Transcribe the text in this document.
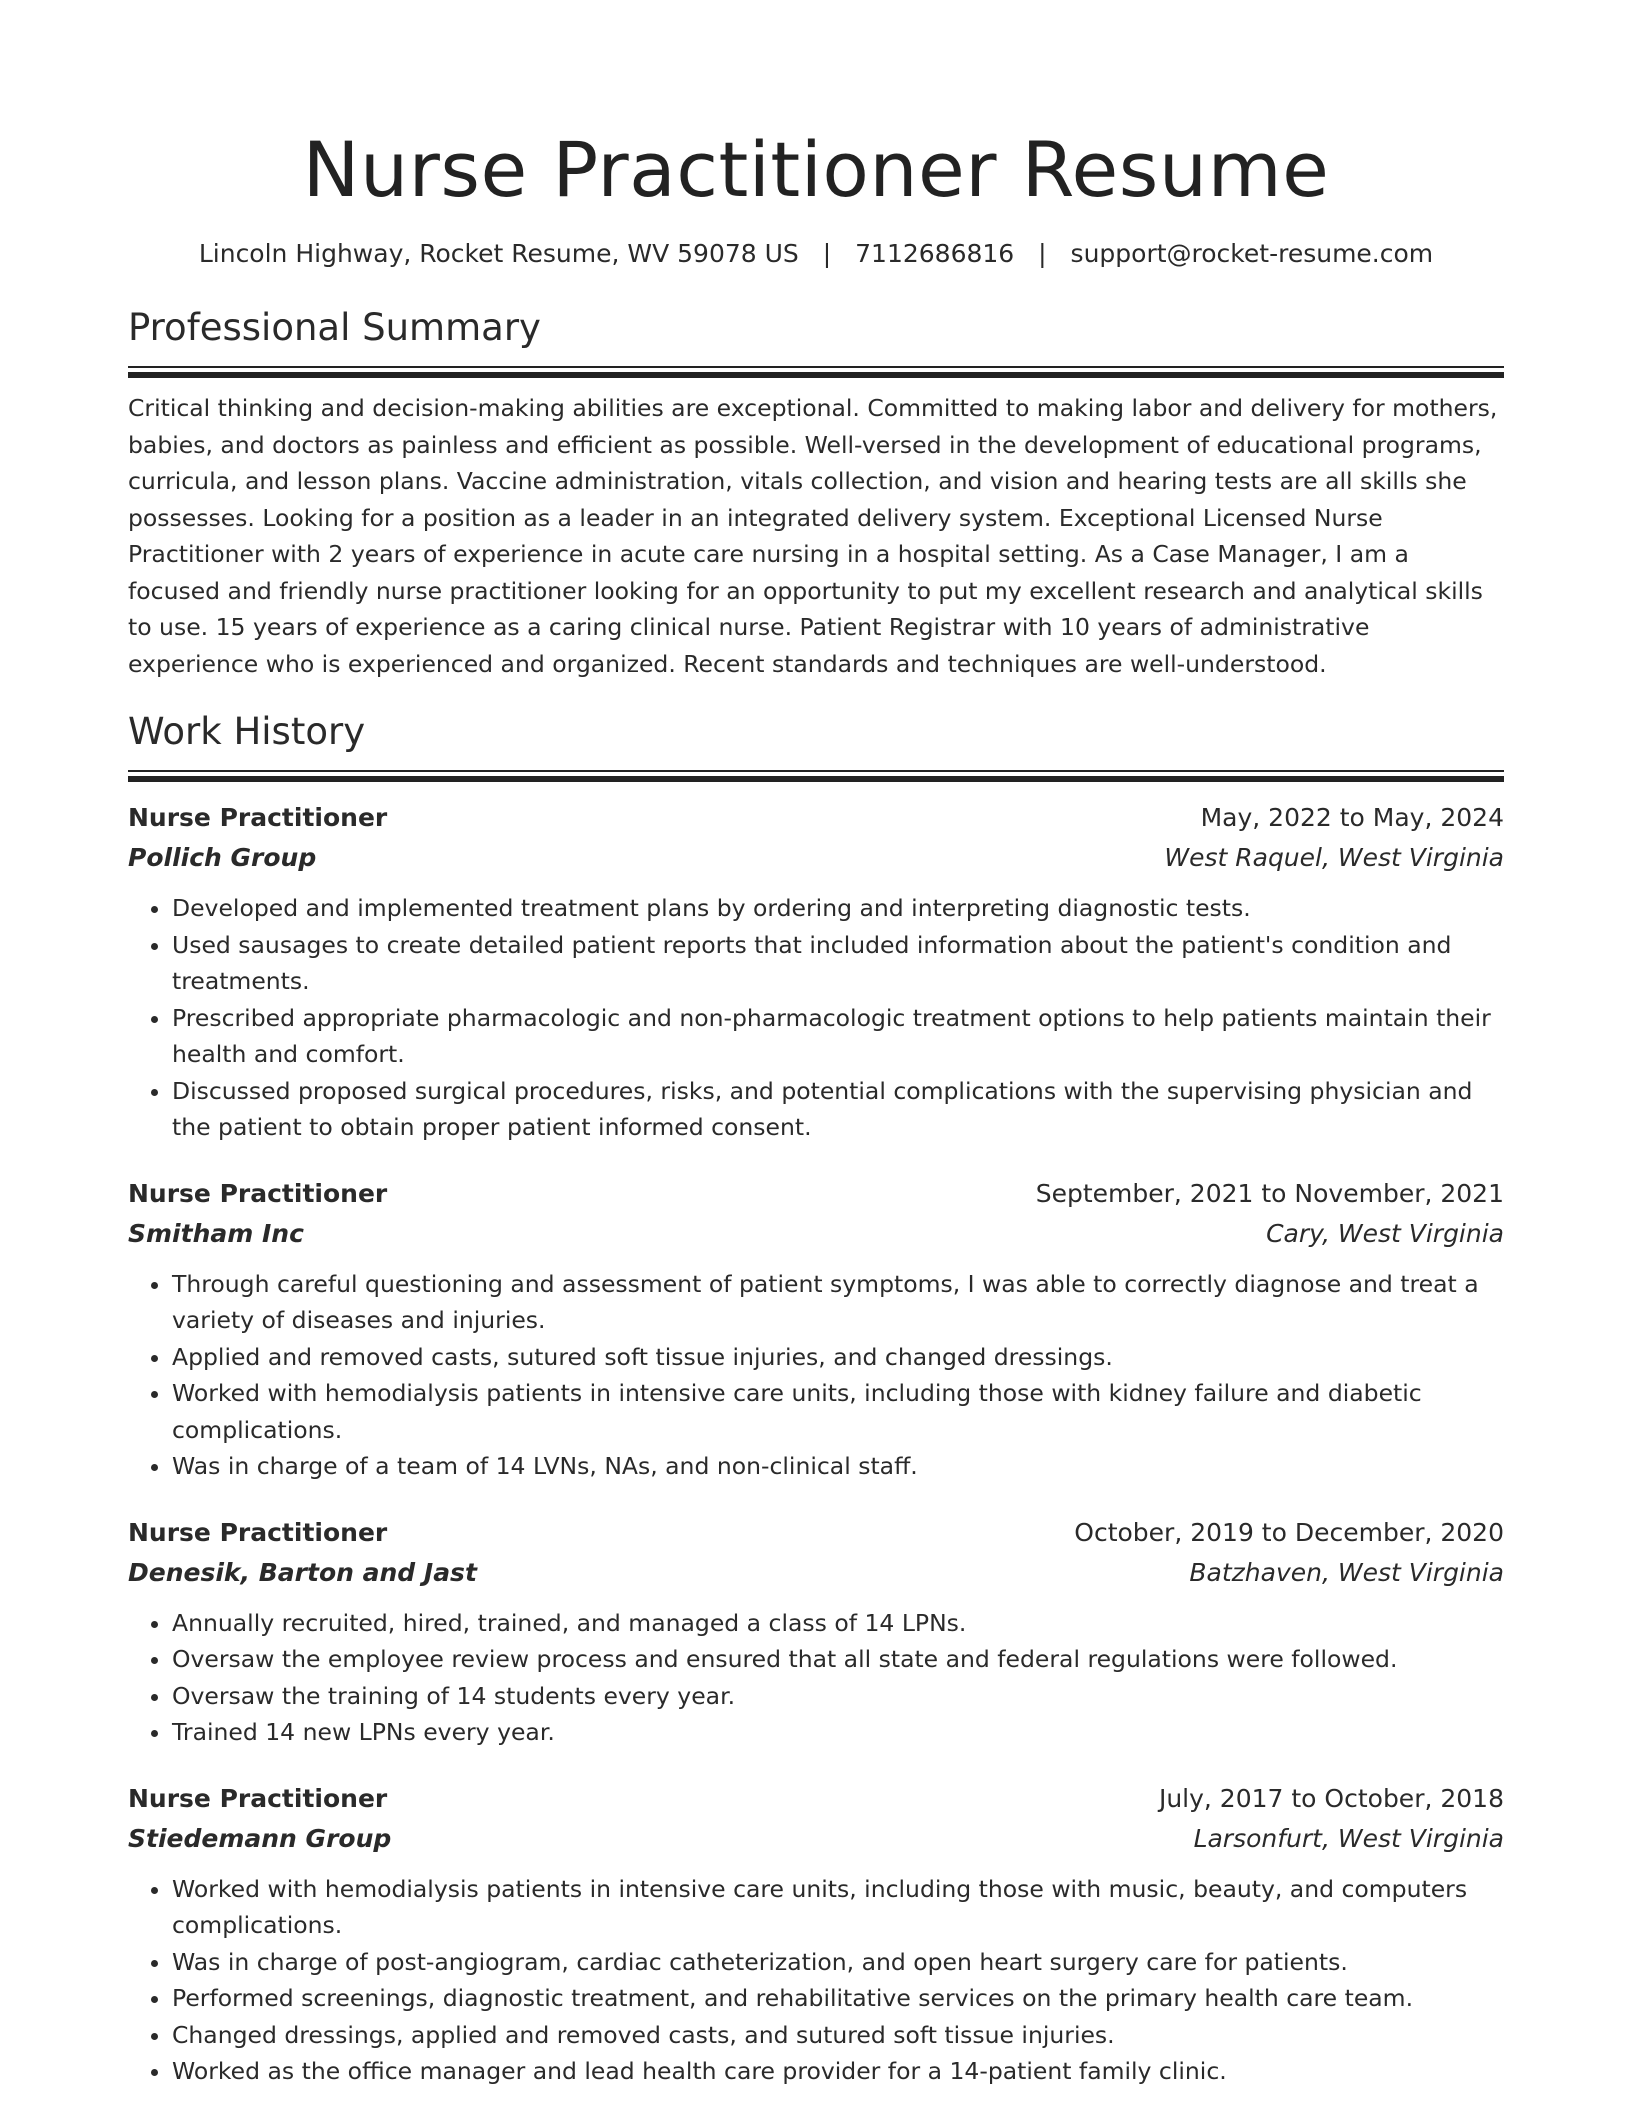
Nurse Practitioner Resume
Lincoln Highway, Rocket Resume, WV 59078 US | 7112686816 | support@rocket-resume.com
Professional Summary

Critical thinking and decision-making abilities are exceptional. Committed to making labor and delivery for mothers, babies, and doctors as painless and efficient as possible. Well-versed in the development of educational programs, curricula, and lesson plans. Vaccine administration, vitals collection, and vision and hearing tests are all skills she possesses. Looking for a position as a leader in an integrated delivery system. Exceptional Licensed Nurse Practitioner with 2 years of experience in acute care nursing in a hospital setting. As a Case Manager, I am a focused and friendly nurse practitioner looking for an opportunity to put my excellent research and analytical skills to use. 15 years of experience as a caring clinical nurse. Patient Registrar with 10 years of administrative experience who is experienced and organized. Recent standards and techniques are well-understood.

Work History
Nurse Practitioner	May, 2022 to May, 2024
Pollich Group	West Raquel, West Virginia
• Developed and implemented treatment plans by ordering and interpreting diagnostic tests.
• Used sausages to create detailed patient reports that included information about the patient's condition and treatments.
• Prescribed appropriate pharmacologic and non-pharmacologic treatment options to help patients maintain their health and comfort.
• Discussed proposed surgical procedures, risks, and potential complications with the supervising physician and the patient to obtain proper patient informed consent.
Nurse Practitioner	September, 2021 to November, 2021
Smitham Inc	Cary, West Virginia
• Through careful questioning and assessment of patient symptoms, I was able to correctly diagnose and treat a variety of diseases and injuries.
• Applied and removed casts, sutured soft tissue injuries, and changed dressings.
• Worked with hemodialysis patients in intensive care units, including those with kidney failure and diabetic complications.
• Was in charge of a team of 14 LVNs, NAs, and non-clinical staff.
Nurse Practitioner	October, 2019 to December, 2020
Denesik, Barton and Jast	Batzhaven, West Virginia
• Annually recruited, hired, trained, and managed a class of 14 LPNs.
• Oversaw the employee review process and ensured that all state and federal regulations were followed.
• Oversaw the training of 14 students every year.
• Trained 14 new LPNs every year.
Nurse Practitioner	July, 2017 to October, 2018
Stiedemann Group	Larsonfurt, West Virginia
• Worked with hemodialysis patients in intensive care units, including those with music, beauty, and computers complications.
• Was in charge of post-angiogram, cardiac catheterization, and open heart surgery care for patients.
• Performed screenings, diagnostic treatment, and rehabilitative services on the primary health care team.
• Changed dressings, applied and removed casts, and sutured soft tissue injuries.
• Worked as the office manager and lead health care provider for a 14-patient family clinic.
